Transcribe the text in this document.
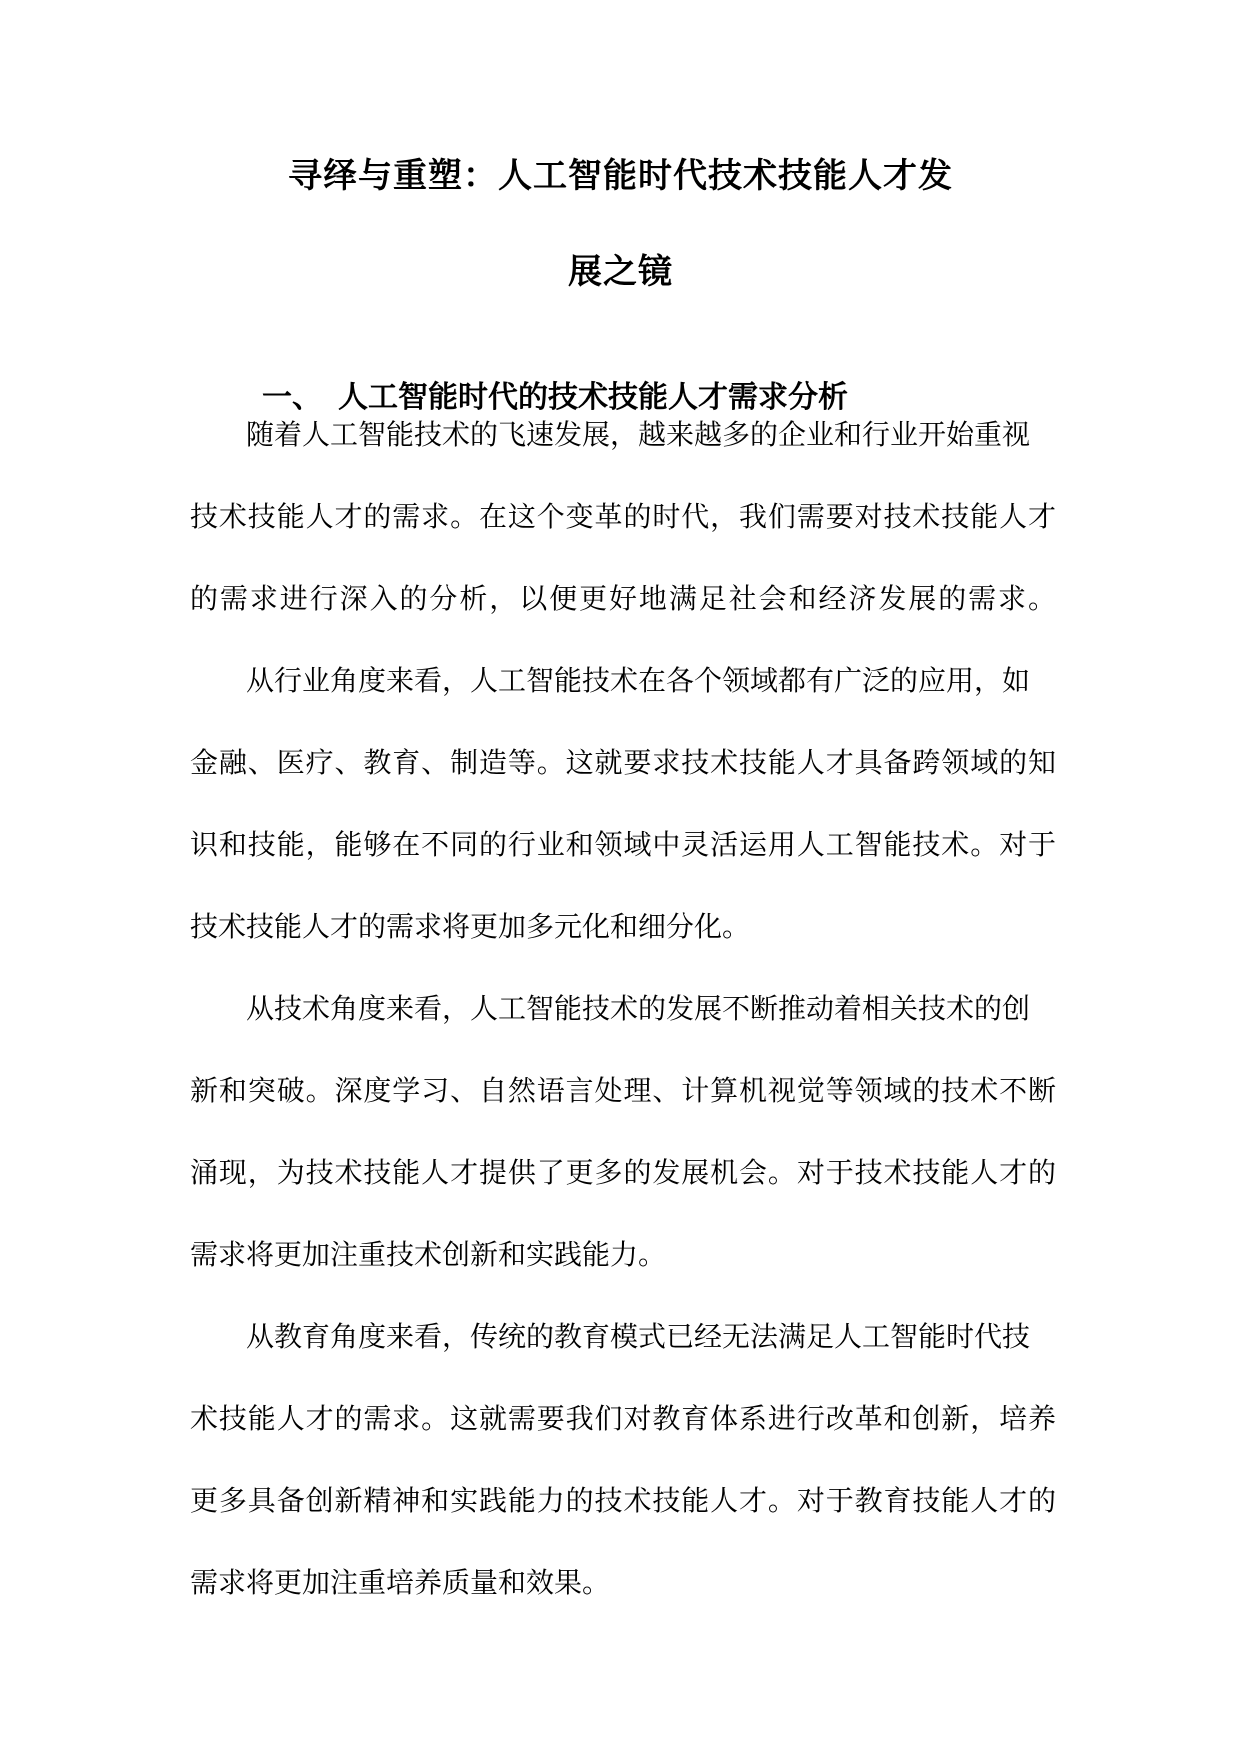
寻绎与重塑：人工智能时代技术技能人才发
展之镜
一、 人工智能时代的技术技能人才需求分析
随着人工智能技术的飞速发展，越来越多的企业和行业开始重视
技术技能人才的需求。在这个变革的时代，我们需要对技术技能人才
的需求进行深入的分析，以便更好地满足社会和经济发展的需求。
从行业角度来看，人工智能技术在各个领域都有广泛的应用，如
金融、医疗、教育、制造等。这就要求技术技能人才具备跨领域的知
识和技能，能够在不同的行业和领域中灵活运用人工智能技术。对于
技术技能人才的需求将更加多元化和细分化。
从技术角度来看，人工智能技术的发展不断推动着相关技术的创
新和突破。深度学习、自然语言处理、计算机视觉等领域的技术不断
涌现，为技术技能人才提供了更多的发展机会。对于技术技能人才的
需求将更加注重技术创新和实践能力。
从教育角度来看，传统的教育模式已经无法满足人工智能时代技
术技能人才的需求。这就需要我们对教育体系进行改革和创新，培养
更多具备创新精神和实践能力的技术技能人才。对于教育技能人才的
需求将更加注重培养质量和效果。
